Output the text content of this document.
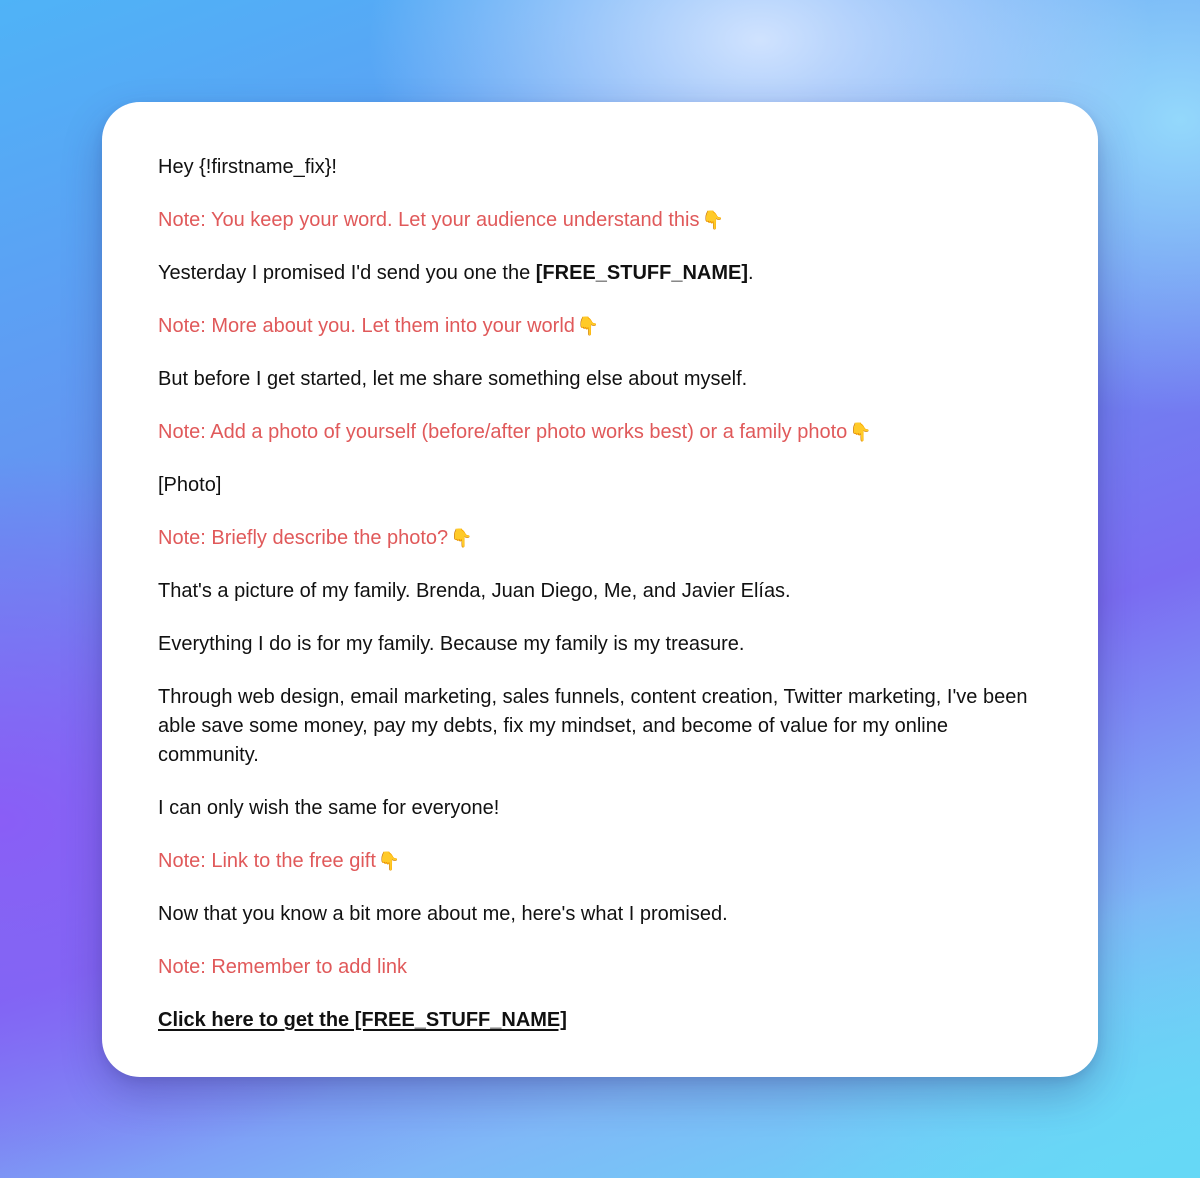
Hey {!firstname_fix}!

Note: You keep your word. Let your audience understand this 👇

Yesterday I promised I'd send you one the [FREE_STUFF_NAME].

Note: More about you. Let them into your world 👇

But before I get started, let me share something else about myself.

Note: Add a photo of yourself (before/after photo works best) or a family photo 👇

[Photo]

Note: Briefly describe the photo? 👇

That's a picture of my family. Brenda, Juan Diego, Me, and Javier Elías.

Everything I do is for my family. Because my family is my treasure.

Through web design, email marketing, sales funnels, content creation, Twitter marketing, I've been able save some money, pay my debts, fix my mindset, and become of value for my online community.

I can only wish the same for everyone!

Note: Link to the free gift 👇

Now that you know a bit more about me, here's what I promised.

Note: Remember to add link

Click here to get the [FREE_STUFF_NAME]
